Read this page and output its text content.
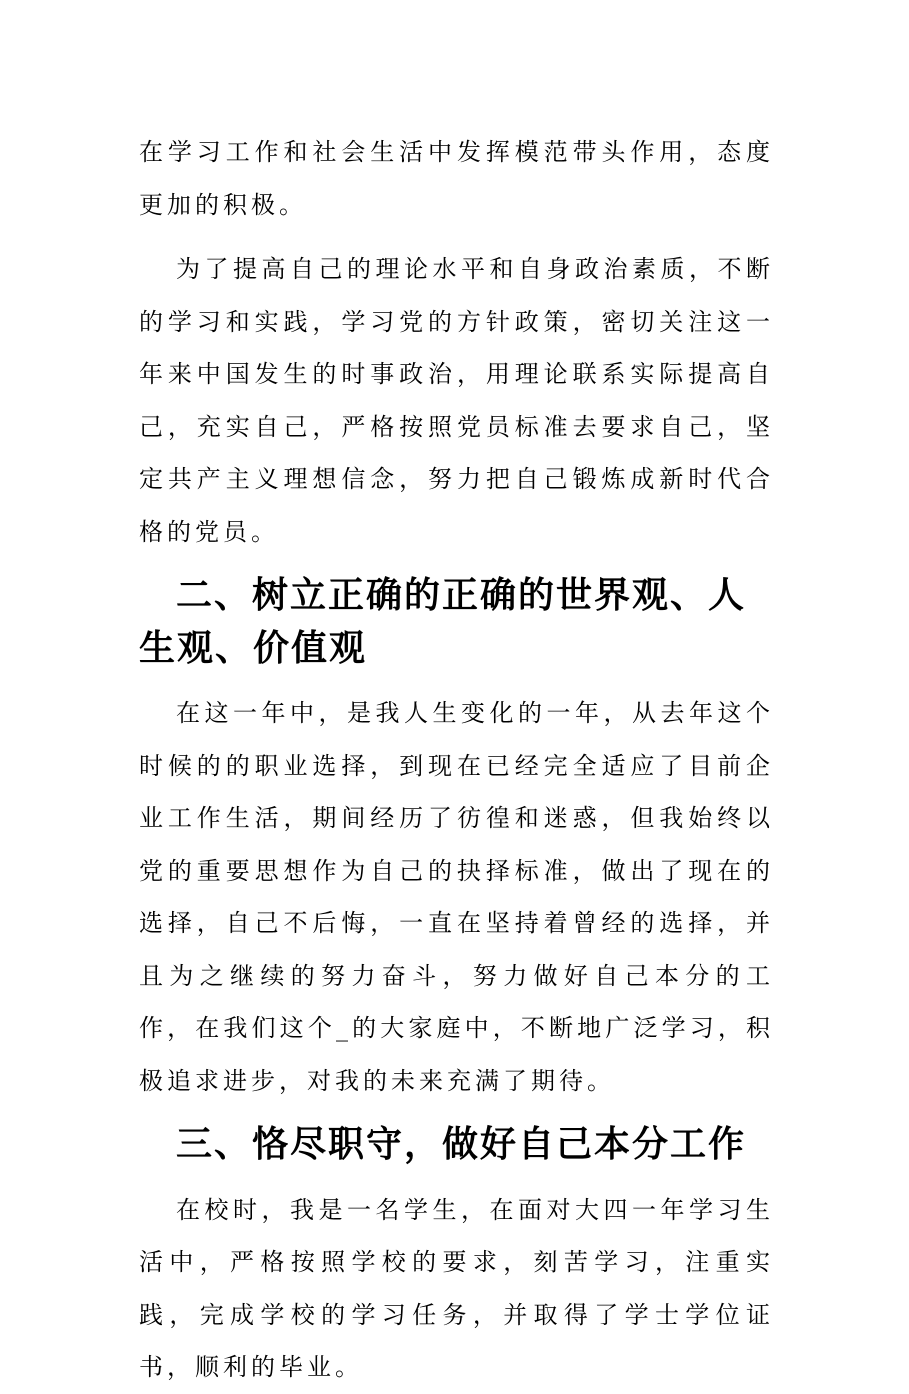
在学习工作和社会生活中发挥模范带头作用，态度更加的积极。

为了提高自己的理论水平和自身政治素质，不断的学习和实践，学习党的方针政策，密切关注这一年来中国发生的时事政治，用理论联系实际提高自己，充实自己，严格按照党员标准去要求自己，坚定共产主义理想信念，努力把自己锻炼成新时代合格的党员。

二、树立正确的正确的世界观、人生观、价值观

在这一年中，是我人生变化的一年，从去年这个时候的的职业选择，到现在已经完全适应了目前企业工作生活，期间经历了彷徨和迷惑，但我始终以党的重要思想作为自己的抉择标准，做出了现在的选择，自己不后悔，一直在坚持着曾经的选择，并且为之继续的努力奋斗，努力做好自己本分的工作，在我们这个_的大家庭中，不断地广泛学习，积极追求进步，对我的未来充满了期待。

三、恪尽职守，做好自己本分工作

在校时，我是一名学生，在面对大四一年学习生活中，严格按照学校的要求，刻苦学习，注重实践，完成学校的学习任务，并取得了学士学位证书，顺利的毕业。
